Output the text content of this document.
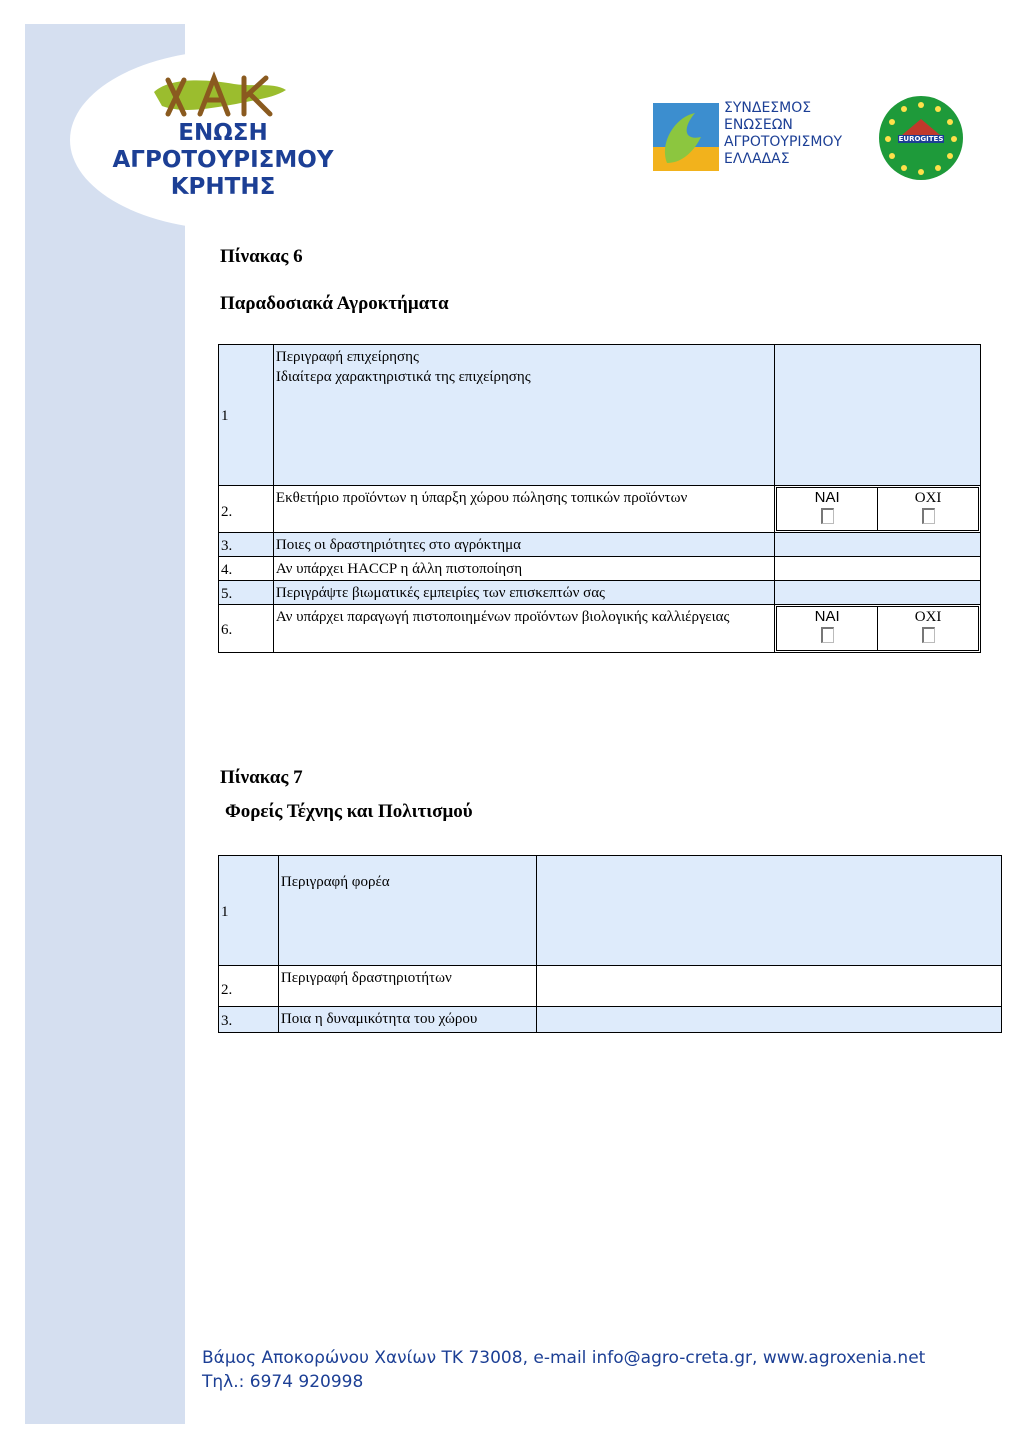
ΕΝΩΣΗ
ΑΓΡΟΤΟΥΡΙΣΜΟΥ
ΚΡΗΤΗΣ
ΣΥΝΔΕΣΜΟΣ
ΕΝΩΣΕΩΝ
ΑΓΡΟΤΟΥΡΙΣΜΟΥ
ΕΛΛΑΔΑΣ
EUROGITES
Πίνακας 6
Παραδοσιακά Αγροκτήματα
1	Περιγραφή επιχείρησης
Ιδιαίτερα χαρακτηριστικά της επιχείρησης	

2.	Εκθετήριο προϊόντων η ύπαρξη χώρου πώλησης τοπικών προϊόντων	ΝΑΙ ΟΧΙ

3.	Ποιες οι δραστηριότητες στο αγρόκτημα	
4.	Αν υπάρχει HACCP η άλλη πιστοποίηση	
5.	Περιγράψτε βιωματικές εμπειρίες των επισκεπτών σας	
6.	Αν υπάρχει παραγωγή πιστοποιημένων προϊόντων βιολογικής καλλιέργειας	ΝΑΙ ΟΧΙ
Πίνακας 7
Φορείς Τέχνης και Πολιτισμού
1	Περιγραφή φορέα	
2.	Περιγραφή δραστηριοτήτων	
3.	Ποια η δυναμικότητα του χώρου	
Βάμος Αποκορώνου Χανίων ΤΚ 73008, e-mail info@agro-creta.gr, www.agroxenia.net
Τηλ.: 6974 920998
